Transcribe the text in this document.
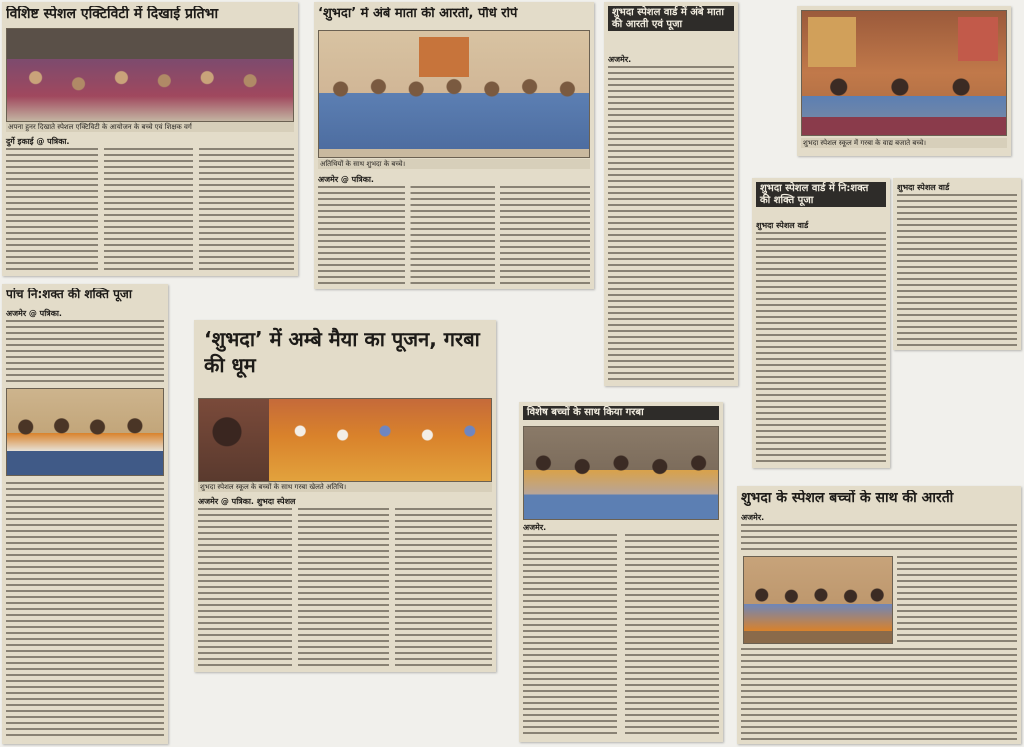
विशिष्ट स्पेशल एक्टिविटी में दिखाई प्रतिभा
अपना हुनर दिखाते स्पेशल एक्टिविटी के आयोजन के बच्चे एवं शिक्षक वर्ग
दुर्गे इकाई @ पत्रिका.
‘शुभदा’ में अंबे माता की आरती, पौधे रोपे
अतिथियों के साथ शुभदा के बच्चे।
अजमेर @ पत्रिका.
शुभदा स्पेशल वार्ड में अंबे माता की आरती एवं पूजा
अजमेर.
शुभदा स्पेशल स्कूल में गरबा के वाद्य बजाते बच्चे।
पांच नि:शक्त की शक्ति पूजा
अजमेर @ पत्रिका.
‘शुभदा’ में अम्बे मैया का पूजन, गरबा की धूम
शुभदा स्पेशल स्कूल के बच्चों के साथ गरबा खेलते अतिथि।
अजमेर @ पत्रिका. शुभदा स्पेशल
शुभदा स्पेशल वार्ड में नि:शक्त की शक्ति पूजा
शुभदा स्पेशल वार्ड
शुभदा स्पेशल वार्ड
विशेष बच्चों के साथ किया गरबा
अजमेर.
शुभदा के स्पेशल बच्चों के साथ की आरती
अजमेर.
